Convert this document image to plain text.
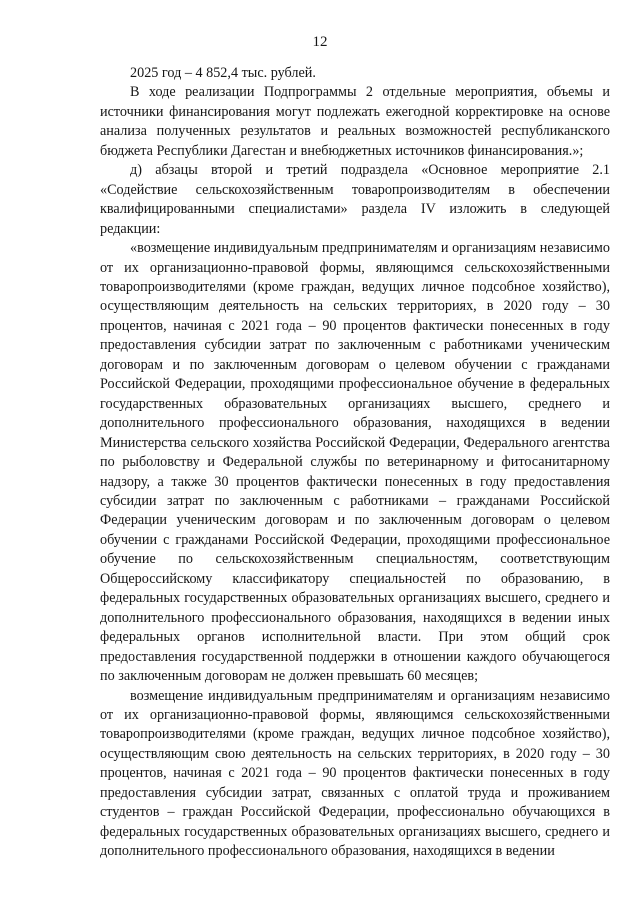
12

2025 год – 4 852,4 тыс. рублей.

В ходе реализации Подпрограммы 2 отдельные мероприятия, объемы и источники финансирования могут подлежать ежегодной корректировке на основе анализа полученных результатов и реальных возможностей республиканского бюджета Республики Дагестан и внебюджетных источников финансирования.»;

д) абзацы второй и третий подраздела «Основное мероприятие 2.1 «Содействие сельскохозяйственным товаропроизводителям в обеспечении квалифицированными специалистами» раздела IV изложить в следующей редакции:

«возмещение индивидуальным предпринимателям и организациям независимо от их организационно-правовой формы, являющимся сельскохозяйственными товаропроизводителями (кроме граждан, ведущих личное подсобное хозяйство), осуществляющим деятельность на сельских территориях, в 2020 году – 30 процентов, начиная с 2021 года – 90 процентов фактически понесенных в году предоставления субсидии затрат по заключенным с работниками ученическим договорам и по заключенным договорам о целевом обучении с гражданами Российской Федерации, проходящими профессиональное обучение в федеральных государственных образовательных организациях высшего, среднего и дополнительного профессионального образования, находящихся в ведении Министерства сельского хозяйства Российской Федерации, Федерального агентства по рыболовству и Федеральной службы по ветеринарному и фитосанитарному надзору, а также 30 процентов фактически понесенных в году предоставления субсидии затрат по заключенным с работниками – гражданами Российской Федерации ученическим договорам и по заключенным договорам о целевом обучении с гражданами Российской Федерации, проходящими профессиональное обучение по сельскохозяйственным специальностям, соответствующим Общероссийскому классификатору специальностей по образованию, в федеральных государственных образовательных организациях высшего, среднего и дополнительного профессионального образования, находящихся в ведении иных федеральных органов исполнительной власти. При этом общий срок предоставления государственной поддержки в отношении каждого обучающегося по заключенным договорам не должен превышать 60 месяцев;

возмещение индивидуальным предпринимателям и организациям независимо от их организационно-правовой формы, являющимся сельскохозяйственными товаропроизводителями (кроме граждан, ведущих личное подсобное хозяйство), осуществляющим свою деятельность на сельских территориях, в 2020 году – 30 процентов, начиная с 2021 года – 90 процентов фактически понесенных в году предоставления субсидии затрат, связанных с оплатой труда и проживанием студентов – граждан Российской Федерации, профессионально обучающихся в федеральных государственных образовательных организациях высшего, среднего и дополнительного профессионального образования, находящихся в ведении
